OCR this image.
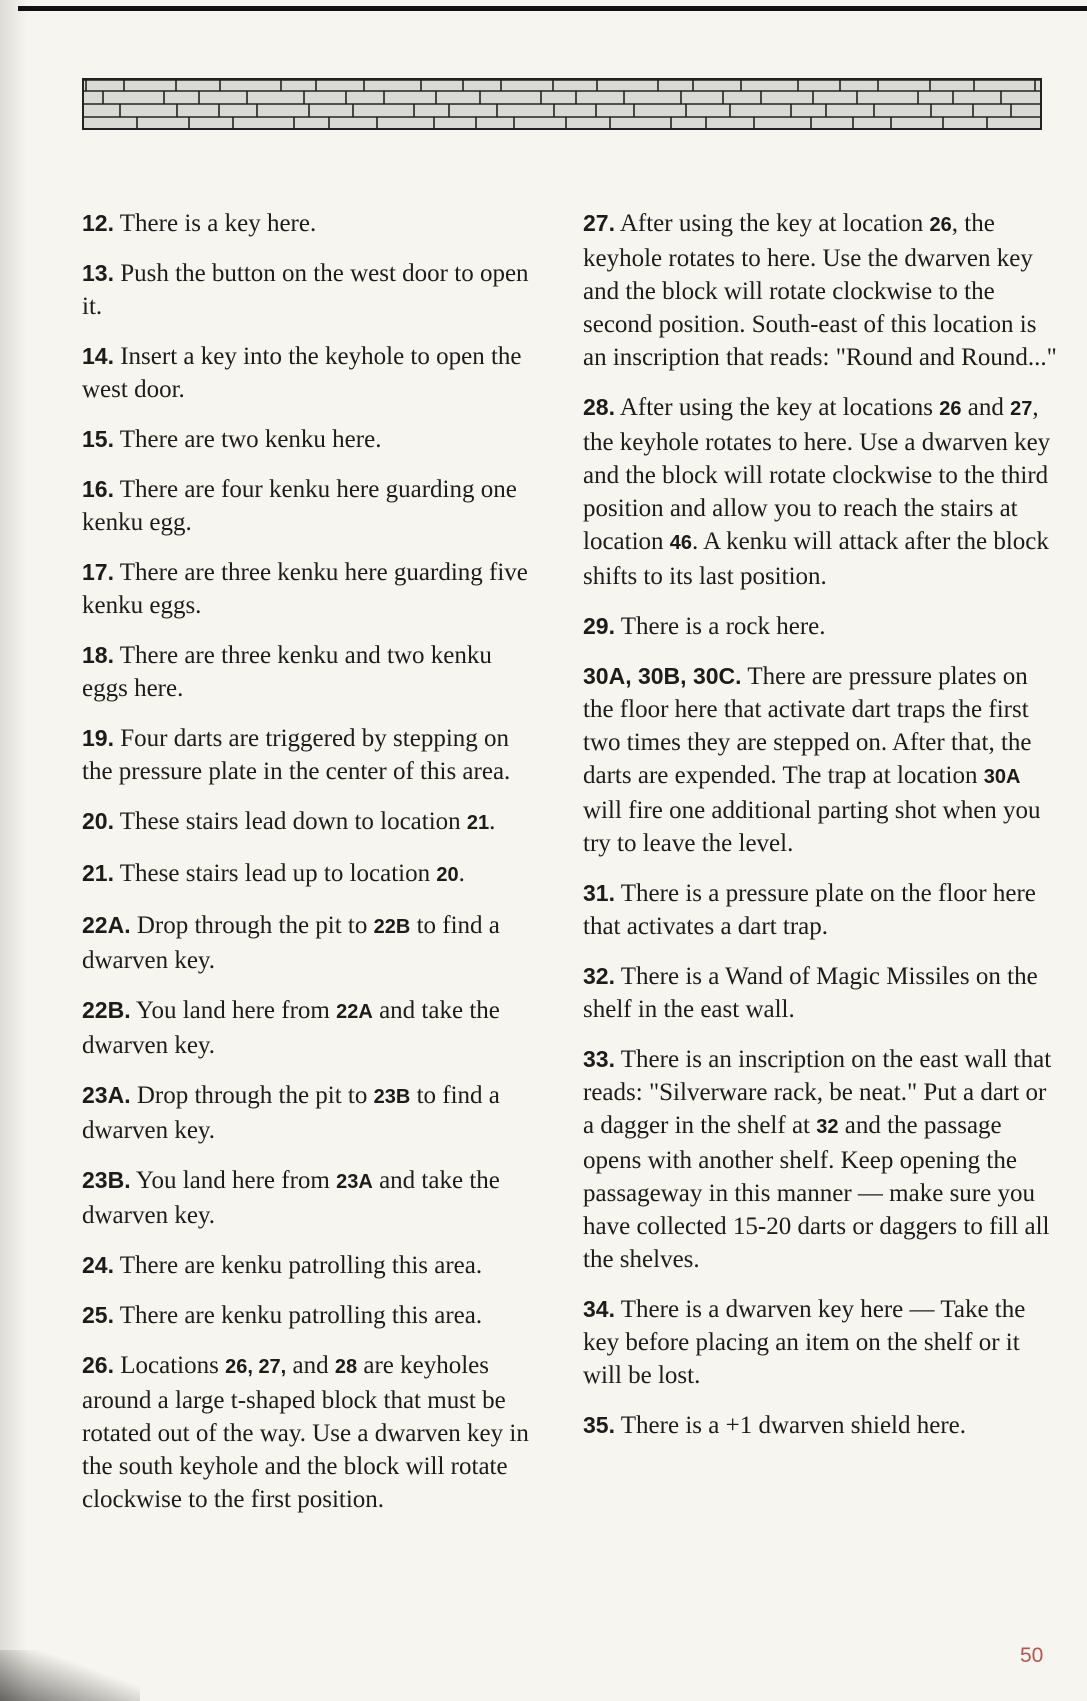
12. There is a key here.

13. Push the button on the west door to open it.

14. Insert a key into the keyhole to open the west door.

15. There are two kenku here.

16. There are four kenku here guarding one kenku egg.

17. There are three kenku here guarding five kenku eggs.

18. There are three kenku and two kenku eggs here.

19. Four darts are triggered by stepping on the pressure plate in the center of this area.

20. These stairs lead down to location 21.

21. These stairs lead up to location 20.

22A. Drop through the pit to 22B to find a dwarven key.

22B. You land here from 22A and take the dwarven key.

23A. Drop through the pit to 23B to find a dwarven key.

23B. You land here from 23A and take the dwarven key.

24. There are kenku patrolling this area.

25. There are kenku patrolling this area.

26. Locations 26, 27, and 28 are keyholes around a large t-shaped block that must be rotated out of the way. Use a dwarven key in the south keyhole and the block will rotate clockwise to the first position.

27. After using the key at location 26, the keyhole rotates to here. Use the dwarven key and the block will rotate clockwise to the second position. South-east of this location is an inscription that reads: "Round and Round..."

28. After using the key at locations 26 and 27, the keyhole rotates to here. Use a dwarven key and the block will rotate clockwise to the third position and allow you to reach the stairs at location 46. A kenku will attack after the block shifts to its last position.

29. There is a rock here.

30A, 30B, 30C. There are pressure plates on the floor here that activate dart traps the first two times they are stepped on. After that, the darts are expended. The trap at location 30A will fire one additional parting shot when you try to leave the level.

31. There is a pressure plate on the floor here that activates a dart trap.

32. There is a Wand of Magic Missiles on the shelf in the east wall.

33. There is an inscription on the east wall that reads: "Silverware rack, be neat." Put a dart or a dagger in the shelf at 32 and the passage opens with another shelf. Keep opening the passageway in this manner — make sure you have collected 15-20 darts or daggers to fill all the shelves.

34. There is a dwarven key here — Take the key before placing an item on the shelf or it will be lost.

35. There is a +1 dwarven shield here.

50
